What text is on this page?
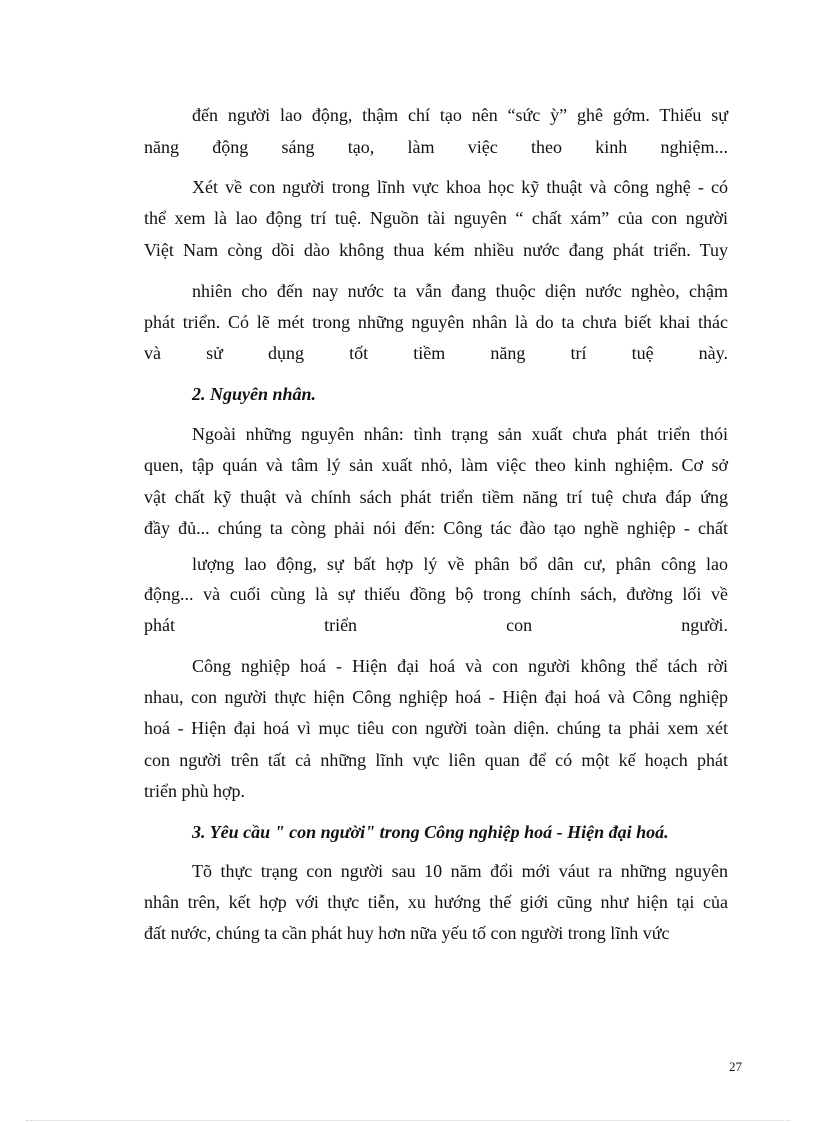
đến người lao động, thậm chí tạo nên “sức ỳ” ghê gớm. Thiếu sự
năng động sáng tạo, làm việc theo kinh nghiệm...
Xét về con người trong lĩnh vực khoa học kỹ thuật và công nghệ - có
thể xem là lao động trí tuệ. Nguồn tài nguyên “ chất xám” của con người
Việt Nam còng dồi dào không thua kém nhiều nước đang phát triển. Tuy
nhiên cho đến nay nước ta vẫn đang thuộc diện nước nghèo, chậm
phát triển. Có lẽ mét trong những nguyên nhân là do ta chưa biết khai thác
và sử dụng tốt tiềm năng trí tuệ này.
2. Nguyên nhân.
Ngoài những nguyên nhân: tình trạng sản xuất chưa phát triển thói
quen, tập quán và tâm lý sản xuất nhỏ, làm việc theo kinh nghiệm. Cơ sở
vật chất kỹ thuật và chính sách phát triển tiềm năng trí tuệ chưa đáp ứng
đầy đủ... chúng ta còng phải nói đến: Công tác đào tạo nghề nghiệp - chất
lượng lao động, sự bất hợp lý về phân bổ dân cư, phân công lao
động... và cuối cùng là sự thiếu đồng bộ trong chính sách, đường lối về
phát triển con người.
Công nghiệp hoá - Hiện đại hoá và con người không thể tách rời
nhau, con người thực hiện Công nghiệp hoá - Hiện đại hoá và Công nghiệp
hoá - Hiện đại hoá vì mục tiêu con người toàn diện. chúng ta phải xem xét
con người trên tất cả những lĩnh vực liên quan để có một kế hoạch phát
triển phù hợp.
3. Yêu cầu " con người" trong Công nghiệp hoá - Hiện đại hoá.
Tõ thực trạng con người sau 10 năm đổi mới váut ra những nguyên
nhân trên, kết hợp với thực tiễn, xu hướng thế giới cũng như hiện tại của
đất nước, chúng ta cần phát huy hơn nữa yếu tố con người trong lĩnh vức
27
